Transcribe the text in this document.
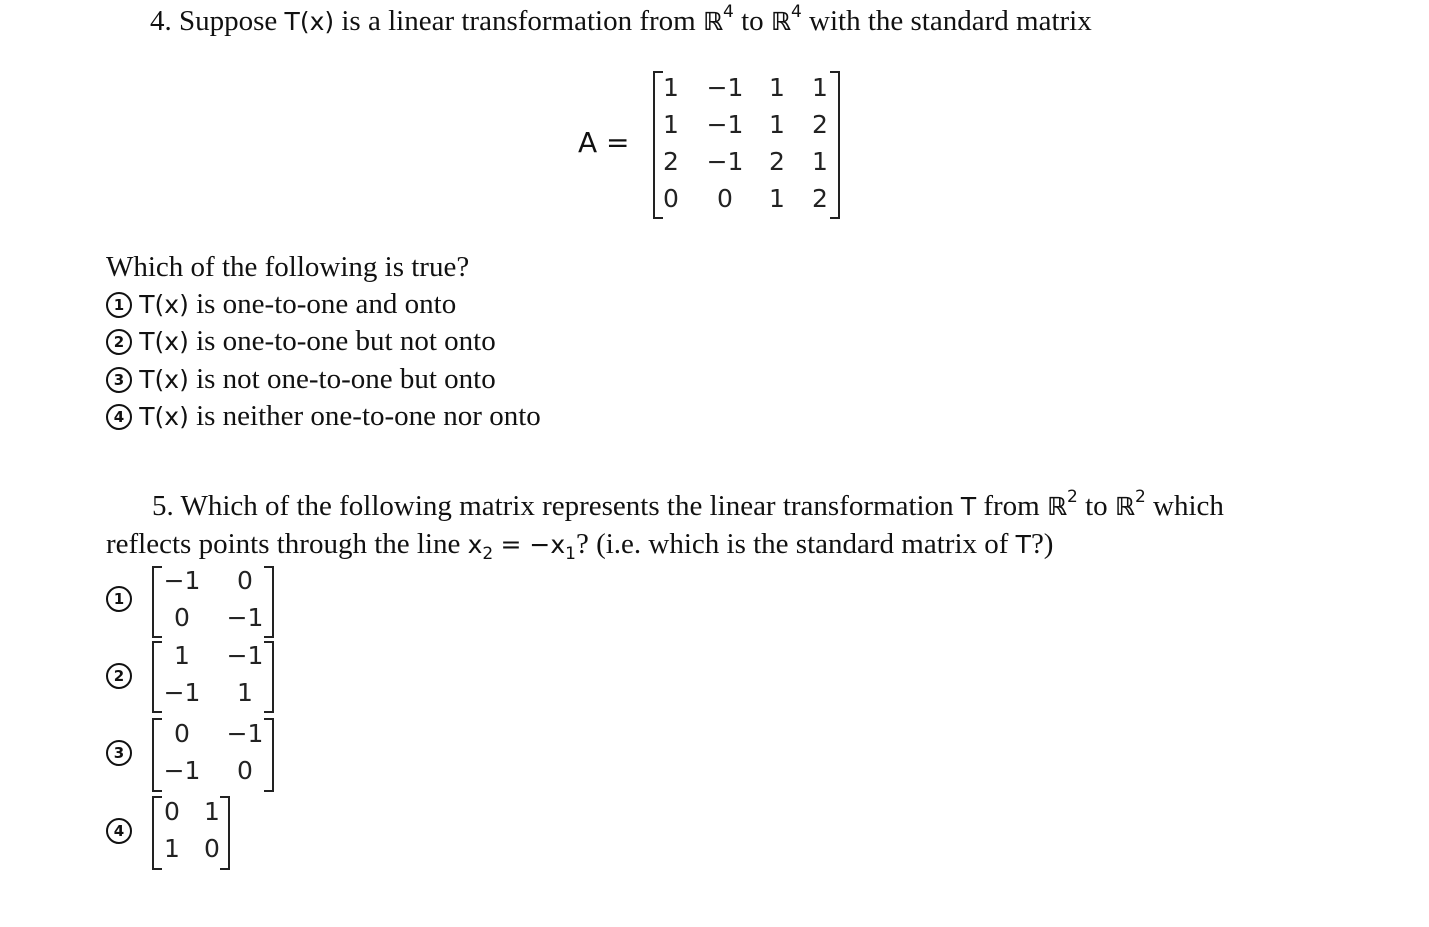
4. Suppose T(x) is a linear transformation from ℝ$^4$ to ℝ$^4$ with the standard matrix
A =
1 −1 1 1
1 −1 1 2
2 −1 2 1
0 0 1 2
Which of the following is true?
1 T(x) is one-to-one and onto
2 T(x) is one-to-one but not onto
3 T(x) is not one-to-one but onto
4 T(x) is neither one-to-one nor onto
5. Which of the following matrix represents the linear transformation T from ℝ$^2$ to ℝ$^2$ which
reflects points through the line $x_2 = -x_1$? (i.e. which is the standard matrix of T?)
1
−1 0
0 −1
2
1 −1
−1 1
3
0 −1
−1 0
4
0 1
1 0
